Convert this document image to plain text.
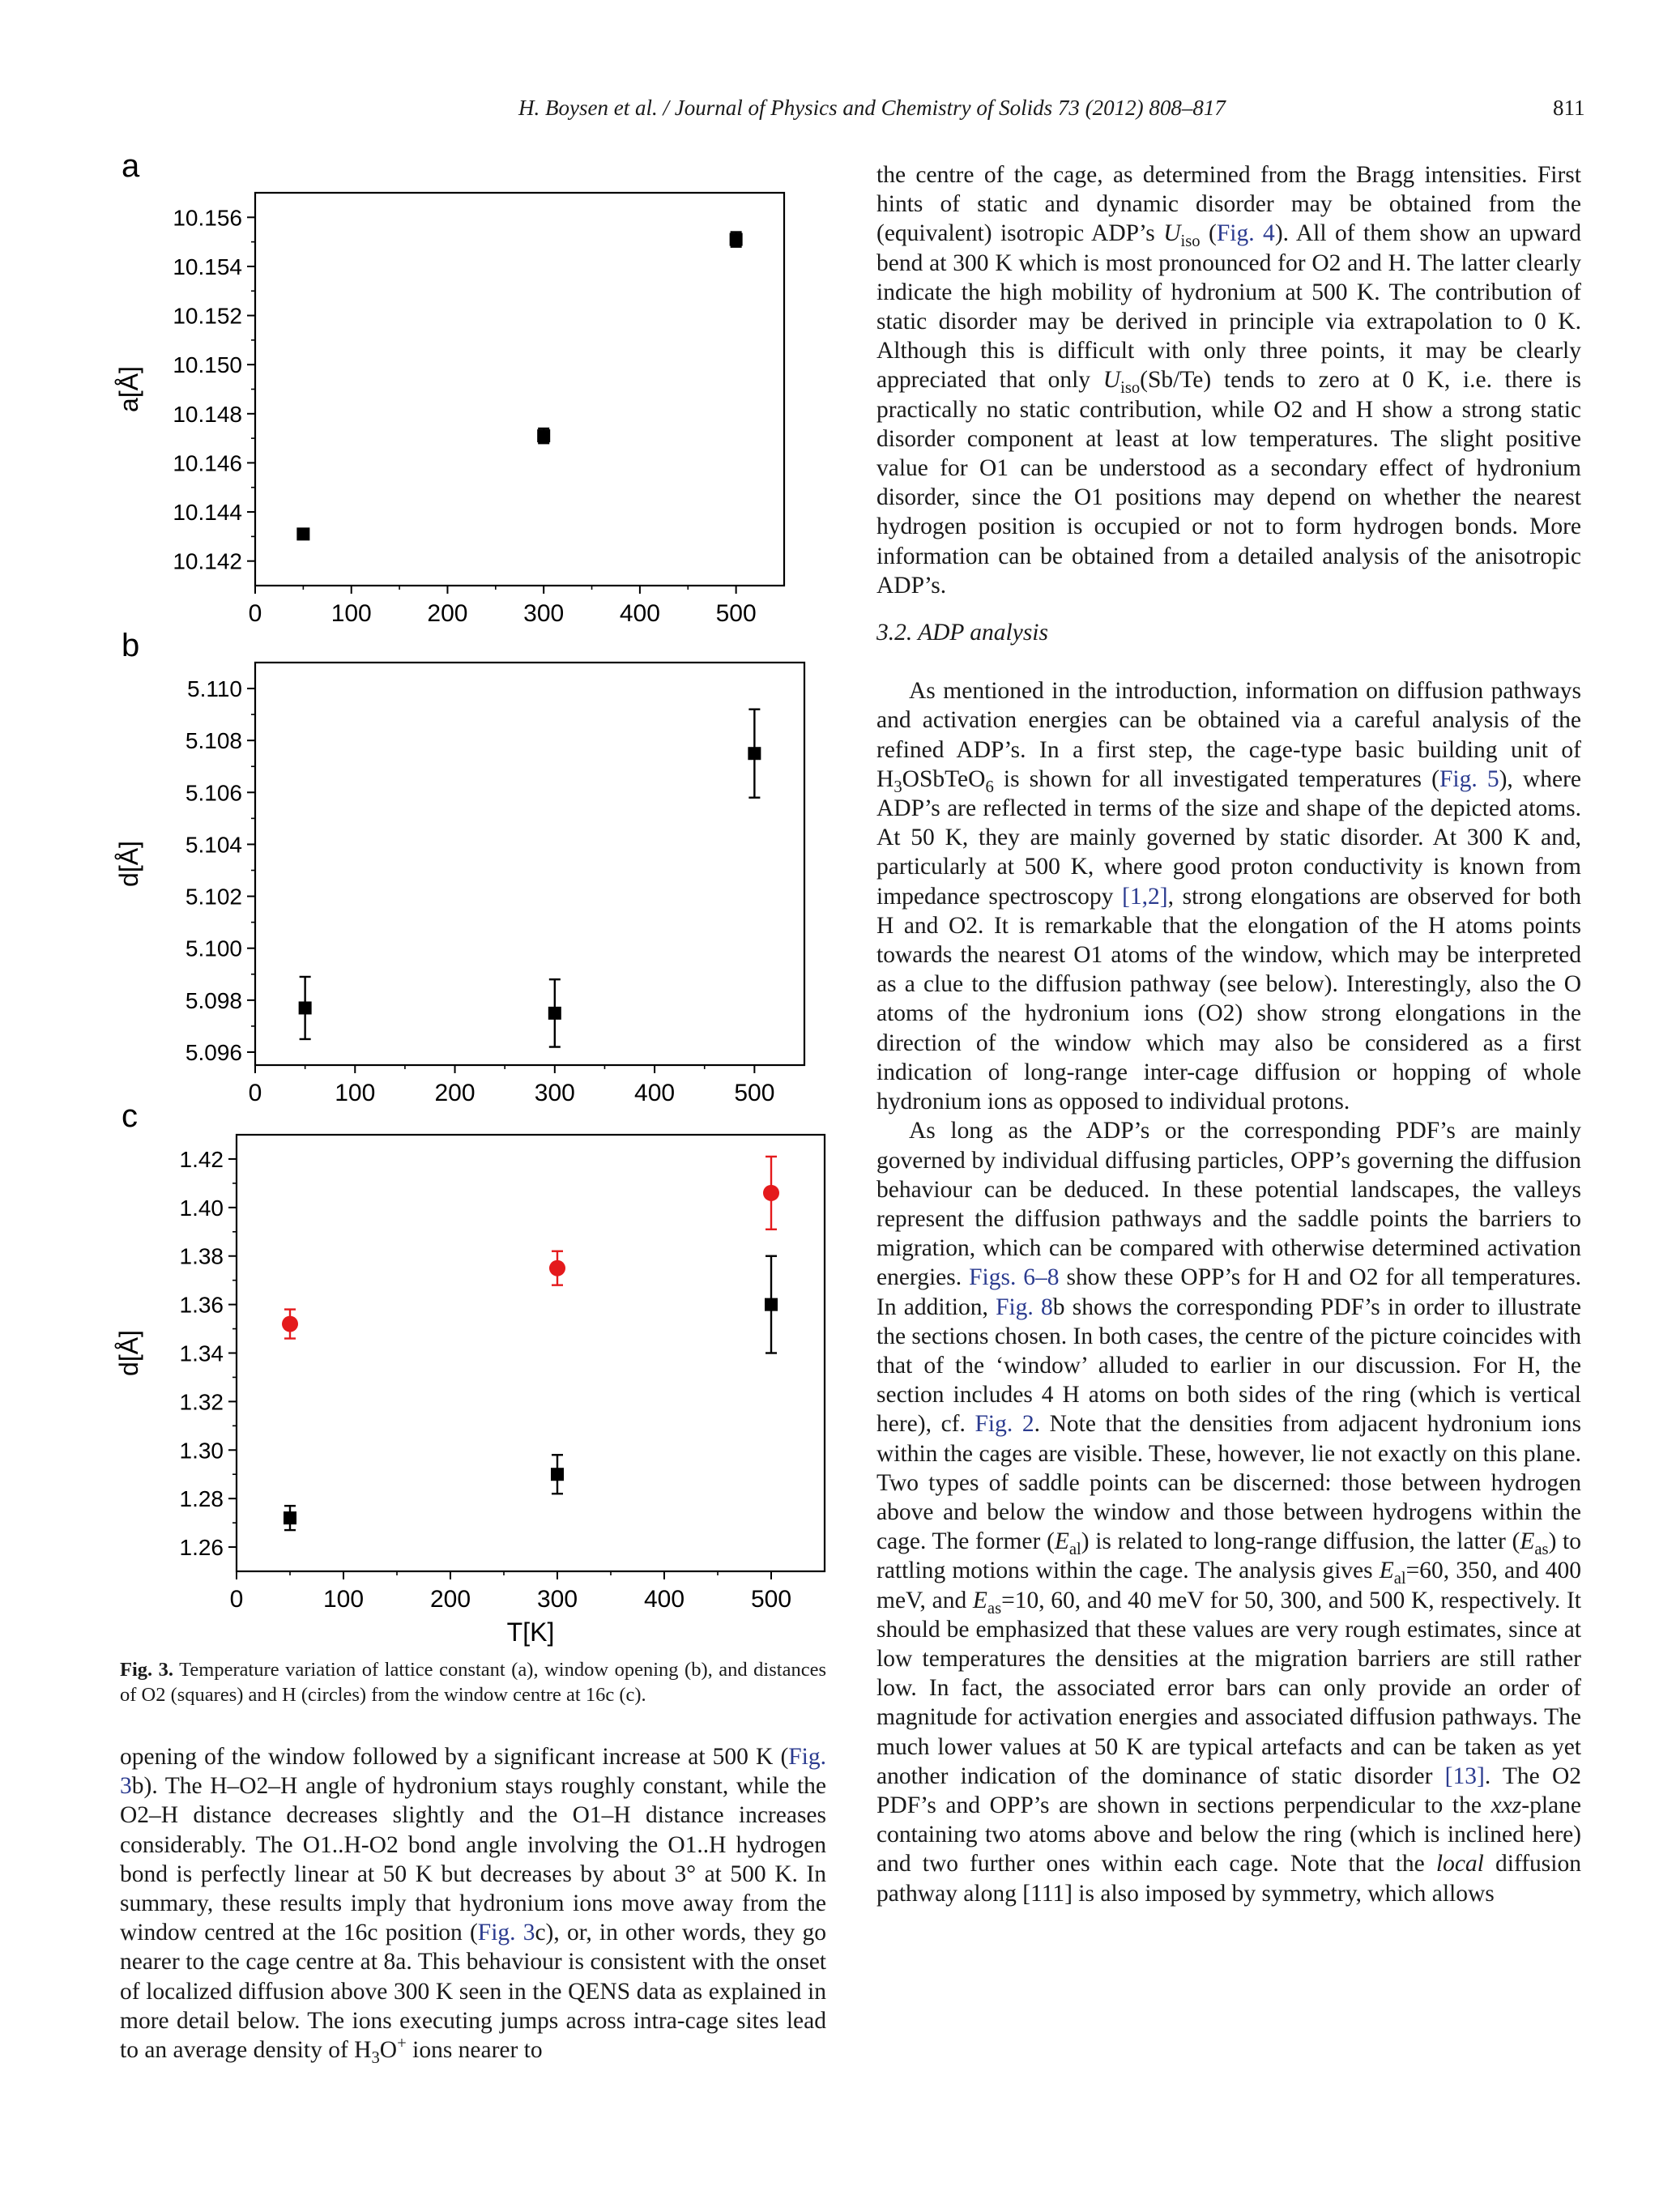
H. Boysen et al. / Journal of Physics and Chemistry of Solids 73 (2012) 808–817	811
a
0	100 200 300 400 500
10.142
10.144
10.146
10.148
10.150
10.152
10.154
10.156
a[Å]
b
0	100 200 300 400 500
5.096
5.098
5.100
5.102
5.104
5.106
5.108
5.110
d[Å]
c
0	100	200	300	400	500
1.26
1.28
1.30
1.32
1.34
1.36
1.38
1.40
1.42
d[Å]
T[K]
Fig. 3. Temperature variation of lattice constant (a), window opening (b), and distances of O2 (squares) and H (circles) from the window centre at 16c (c).

opening of the window followed by a significant increase at 500 K (Fig. 3b). The H–O2–H angle of hydronium stays roughly constant, while the O2–H distance decreases slightly and the O1–H distance increases considerably. The O1..H-O2 bond angle involving the O1..H hydrogen bond is perfectly linear at 50 K but decreases by about 3° at 500 K. In summary, these results imply that hydronium ions move away from the window centred at the 16c position (Fig. 3c), or, in other words, they go nearer to the cage centre at 8a. This behaviour is consistent with the onset of localized diffusion above 300 K seen in the QENS data as explained in more detail below. The ions executing jumps across intra-cage sites lead to an average density of $H_3O^+$ ions nearer to

the centre of the cage, as determined from the Bragg intensities. First hints of static and dynamic disorder may be obtained from the (equivalent) isotropic ADP’s $U_{iso}$ (Fig. 4). All of them show an upward bend at 300 K which is most pronounced for O2 and H. The latter clearly indicate the high mobility of hydronium at 500 K. The contribution of static disorder may be derived in principle via extrapolation to 0 K. Although this is difficult with only three points, it may be clearly appreciated that only $U_{iso}(Sb/Te)$ tends to zero at 0 K, i.e. there is practically no static contribution, while O2 and H show a strong static disorder component at least at low temperatures. The slight positive value for O1 can be understood as a secondary effect of hydronium disorder, since the O1 positions may depend on whether the nearest hydrogen position is occupied or not to form hydrogen bonds. More information can be obtained from a detailed analysis of the anisotropic ADP’s.

3.2. ADP analysis

As mentioned in the introduction, information on diffusion pathways and activation energies can be obtained via a careful analysis of the refined ADP’s. In a first step, the cage-type basic building unit of $H_3OSbTeO_6$ is shown for all investigated temperatures (Fig. 5), where ADP’s are reflected in terms of the size and shape of the depicted atoms. At 50 K, they are mainly governed by static disorder. At 300 K and, particularly at 500 K, where good proton conductivity is known from impedance spectroscopy [1,2], strong elongations are observed for both H and O2. It is remarkable that the elongation of the H atoms points towards the nearest O1 atoms of the window, which may be interpreted as a clue to the diffusion pathway (see below). Interestingly, also the O atoms of the hydronium ions (O2) show strong elongations in the direction of the window which may also be considered as a first indication of long-range inter-cage diffusion or hopping of whole hydronium ions as opposed to individual protons.

As long as the ADP’s or the corresponding PDF’s are mainly governed by individual diffusing particles, OPP’s governing the diffusion behaviour can be deduced. In these potential landscapes, the valleys represent the diffusion pathways and the saddle points the barriers to migration, which can be compared with otherwise determined activation energies. Figs. 6–8 show these OPP’s for H and O2 for all temperatures. In addition, Fig. 8b shows the corresponding PDF’s in order to illustrate the sections chosen. In both cases, the centre of the picture coincides with that of the ‘window’ alluded to earlier in our discussion. For H, the section includes 4 H atoms on both sides of the ring (which is vertical here), cf. Fig. 2. Note that the densities from adjacent hydronium ions within the cages are visible. These, however, lie not exactly on this plane. Two types of saddle points can be discerned: those between hydrogen above and below the window and those between hydrogens within the cage. The former $(E_{al})$ is related to long-range diffusion, the latter $(E_{as})$ to rattling motions within the cage. The analysis gives $E_{al}=60$, 350, and 400 meV, and $E_{as}=10$, 60, and 40 meV for 50, 300, and 500 K, respectively. It should be emphasized that these values are very rough estimates, since at low temperatures the densities at the migration barriers are still rather low. In fact, the associated error bars can only provide an order of magnitude for activation energies and associated diffusion pathways. The much lower values at 50 K are typical artefacts and can be taken as yet another indication of the dominance of static disorder [13]. The O2 PDF’s and OPP’s are shown in sections perpendicular to the xxz-plane containing two atoms above and below the ring (which is inclined here) and two further ones within each cage. Note that the local diffusion pathway along [111] is also imposed by symmetry, which allows
